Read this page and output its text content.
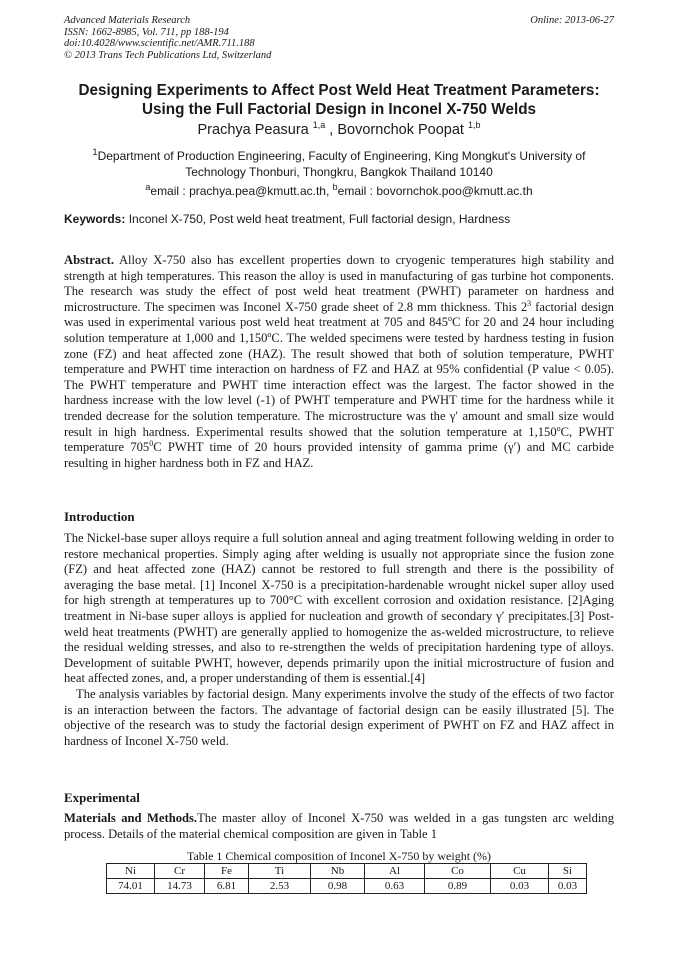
Advanced Materials Research
ISSN: 1662-8985, Vol. 711, pp 188-194
doi:10.4028/www.scientific.net/AMR.711.188
© 2013 Trans Tech Publications Ltd, Switzerland
Online: 2013-06-27
Designing Experiments to Affect Post Weld Heat Treatment Parameters:
Using the Full Factorial Design in Inconel X-750 Welds
Prachya Peasura $^{1,a}$ , Bovornchok Poopat $^{1,b}$
$^1$Department of Production Engineering, Faculty of Engineering, King Mongkut's University of
Technology Thonburi, Thongkru, Bangkok Thailand 10140
$^a$email : prachya.pea@kmutt.ac.th, $^b$email : bovornchok.poo@kmutt.ac.th
Keywords: Inconel X-750, Post weld heat treatment, Full factorial design, Hardness
Abstract. Alloy X-750 also has excellent properties down to cryogenic temperatures high stability and strength at high temperatures. This reason the alloy is used in manufacturing of gas turbine hot components. The research was study the effect of post weld heat treatment (PWHT) parameter on hardness and microstructure. The specimen was Inconel X-750 grade sheet of 2.8 mm thickness. This $2^3$ factorial design was used in experimental various post weld heat treatment at 705 and 845$^o$C for 20 and 24 hour including solution temperature at 1,000 and 1,150$^o$C. The welded specimens were tested by hardness testing in fusion zone (FZ) and heat affected zone (HAZ). The result showed that both of solution temperature, PWHT temperature and PWHT time interaction on hardness of FZ and HAZ at 95% confidential (P value < 0.05). The PWHT temperature and PWHT time interaction effect was the largest. The factor showed in the hardness increase with the low level (-1) of PWHT temperature and PWHT time for the hardness while it trended decrease for the solution temperature. The microstructure was the γ′ amount and small size would result in high hardness. Experimental results showed that the solution temperature at 1,150$^o$C, PWHT temperature $705^0C$ PWHT time of 20 hours provided intensity of gamma prime (γ′) and MC carbide resulting in higher hardness both in FZ and HAZ.
Introduction

The Nickel-base super alloys require a full solution anneal and aging treatment following welding in order to restore mechanical properties. Simply aging after welding is usually not appropriate since the fusion zone (FZ) and heat affected zone (HAZ) cannot be restored to full strength and there is the possibility of averaging the base metal. [1] Inconel X-750 is a precipitation-hardenable wrought nickel super alloy used for high strength at temperatures up to 700°C with excellent corrosion and oxidation resistance. [2]Aging treatment in Ni-base super alloys is applied for nucleation and growth of secondary γ′ precipitates.[3] Post-weld heat treatments (PWHT) are generally applied to homogenize the as-welded microstructure, to relieve the residual welding stresses, and also to re-strengthen the welds of precipitation hardening type of alloys. Development of suitable PWHT, however, depends primarily upon the initial microstructure of fusion and heat affected zones, and, a proper understanding of them is essential.[4]

The analysis variables by factorial design. Many experiments involve the study of the effects of two factor is an interaction between the factors. The advantage of factorial design can be easily illustrated [5]. The objective of the research was to study the factorial design experiment of PWHT on FZ and HAZ affect in hardness of Inconel X-750 weld.

Experimental
Materials and Methods.The master alloy of Inconel X-750 was welded in a gas tungsten arc welding process. Details of the material chemical composition are given in Table 1
Table 1 Chemical composition of Inconel X-750 by weight (%)
Ni	Cr	Fe	Ti	Nb	Al	Co	Cu	Si
74.01	14.73	6.81	2.53	0.98	0.63	0.89	0.03	0.03
